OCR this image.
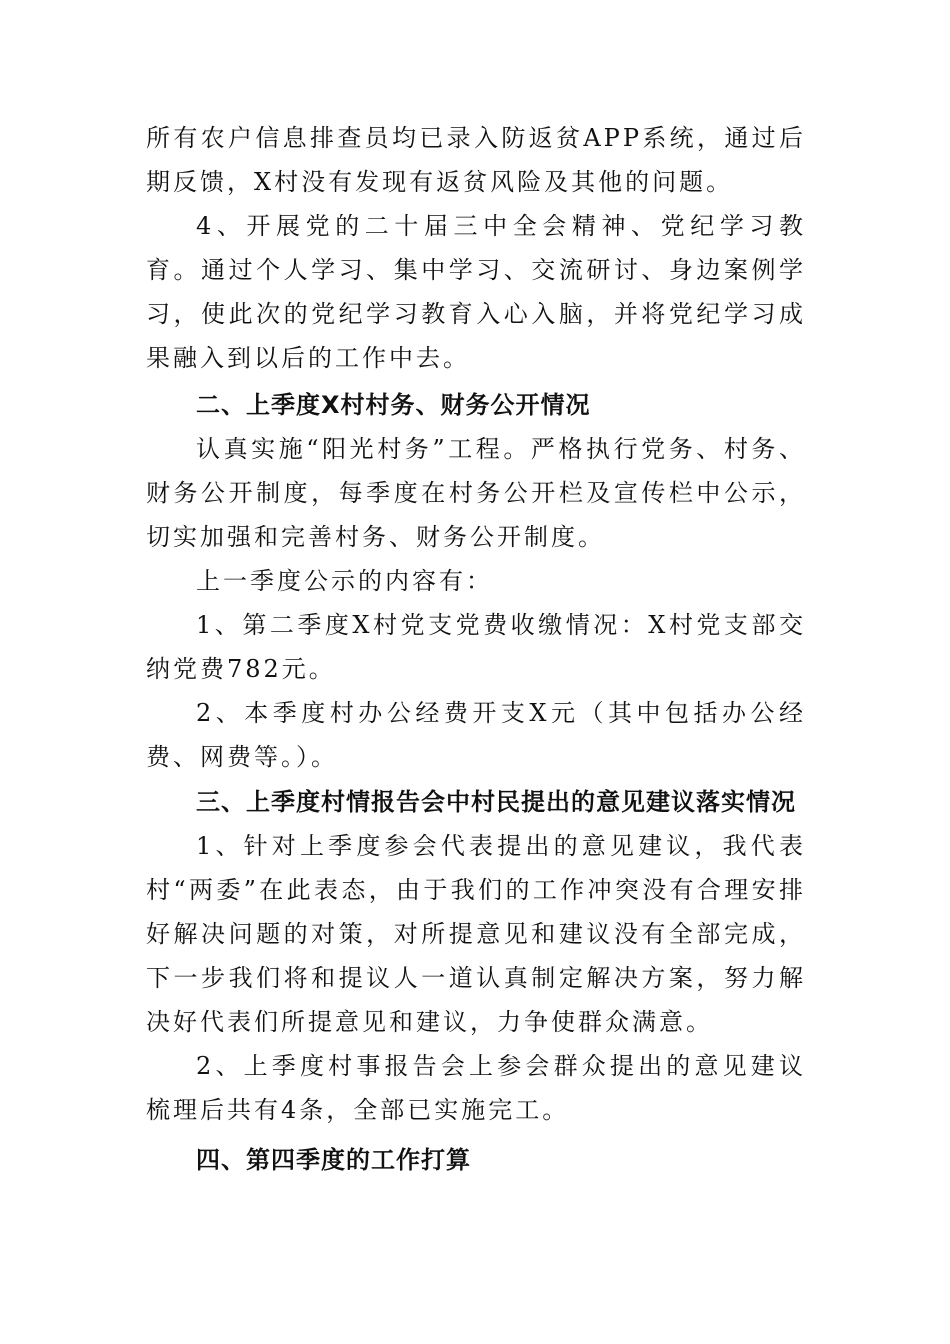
所有农户信息排查员均已录入防返贫APP系统，通过后期反馈，X村没有发现有返贫风险及其他的问题。

4、开展党的二十届三中全会精神、党纪学习教育。通过个人学习、集中学习、交流研讨、身边案例学习，使此次的党纪学习教育入心入脑，并将党纪学习成果融入到以后的工作中去。

二、上季度X村村务、财务公开情况

认真实施“阳光村务”工程。严格执行党务、村务、财务公开制度，每季度在村务公开栏及宣传栏中公示，切实加强和完善村务、财务公开制度。

上一季度公示的内容有：

1、第二季度X村党支党费收缴情况：X村党支部交纳党费782元。

2、本季度村办公经费开支X元（其中包括办公经费、网费等。）。

三、上季度村情报告会中村民提出的意见建议落实情况

1、针对上季度参会代表提出的意见建议，我代表村“两委”在此表态，由于我们的工作冲突没有合理安排好解决问题的对策，对所提意见和建议没有全部完成，下一步我们将和提议人一道认真制定解决方案，努力解决好代表们所提意见和建议，力争使群众满意。

2、上季度村事报告会上参会群众提出的意见建议梳理后共有4条，全部已实施完工。

四、第四季度的工作打算
